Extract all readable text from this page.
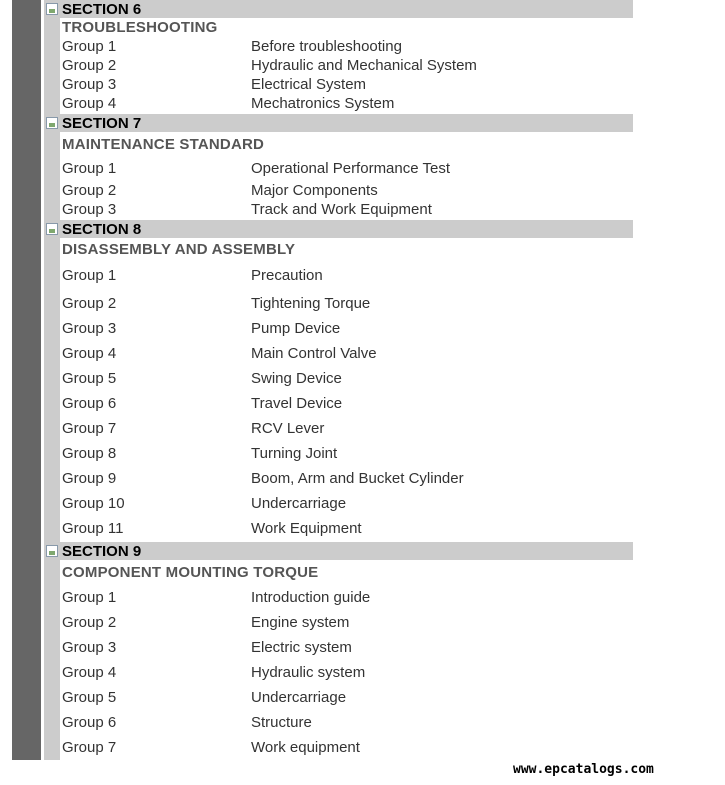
SECTION 6
TROUBLESHOOTING
Group 1	Before troubleshooting
Group 2	Hydraulic and Mechanical System
Group 3	Electrical System
Group 4	Mechatronics System
SECTION 7
MAINTENANCE STANDARD
Group 1	Operational Performance Test
Group 2	Major Components
Group 3	Track and Work Equipment
SECTION 8
DISASSEMBLY AND ASSEMBLY
Group 1	Precaution
Group 2	Tightening Torque
Group 3	Pump Device
Group 4	Main Control Valve
Group 5	Swing Device
Group 6	Travel Device
Group 7	RCV Lever
Group 8	Turning Joint
Group 9	Boom, Arm and Bucket Cylinder
Group 10	Undercarriage
Group 11	Work Equipment
SECTION 9
COMPONENT MOUNTING TORQUE
Group 1	Introduction guide
Group 2	Engine system
Group 3	Electric system
Group 4	Hydraulic system
Group 5	Undercarriage
Group 6	Structure
Group 7	Work equipment
www.epcatalogs.com
